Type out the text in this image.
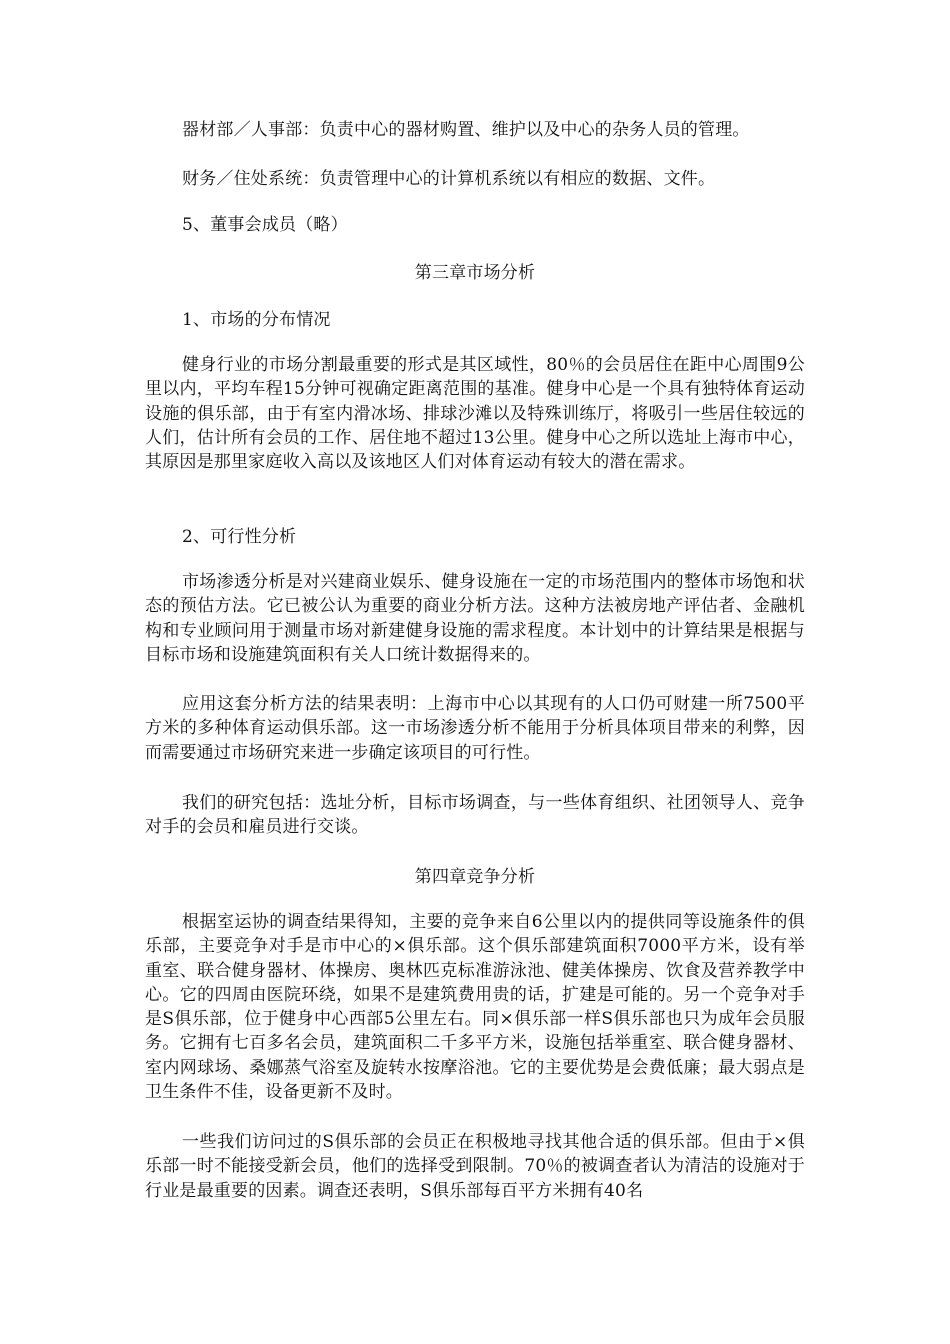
器材部／人事部：负责中心的器材购置、维护以及中心的杂务人员的管理。
财务／住处系统：负责管理中心的计算机系统以有相应的数据、文件。
5、董事会成员（略）
第三章市场分析
1、市场的分布情况
健身行业的市场分割最重要的形式是其区域性，80％的会员居住在距中心周围9公里以内，平均车程15分钟可视确定距离范围的基准。健身中心是一个具有独特体育运动设施的俱乐部，由于有室内滑冰场、排球沙滩以及特殊训练厅，将吸引一些居住较远的人们，估计所有会员的工作、居住地不超过13公里。健身中心之所以选址上海市中心，其原因是那里家庭收入高以及该地区人们对体育运动有较大的潜在需求。
2、可行性分析
市场渗透分析是对兴建商业娱乐、健身设施在一定的市场范围内的整体市场饱和状态的预估方法。它已被公认为重要的商业分析方法。这种方法被房地产评估者、金融机构和专业顾问用于测量市场对新建健身设施的需求程度。本计划中的计算结果是根据与目标市场和设施建筑面积有关人口统计数据得来的。
应用这套分析方法的结果表明：上海市中心以其现有的人口仍可财建一所7500平方米的多种体育运动俱乐部。这一市场渗透分析不能用于分析具体项目带来的利弊，因而需要通过市场研究来进一步确定该项目的可行性。
我们的研究包括：选址分析，目标市场调查，与一些体育组织、社团领导人、竞争对手的会员和雇员进行交谈。
第四章竞争分析
根据室运协的调查结果得知，主要的竞争来自6公里以内的提供同等设施条件的俱乐部，主要竞争对手是市中心的×俱乐部。这个俱乐部建筑面积7000平方米，设有举重室、联合健身器材、体操房、奥林匹克标准游泳池、健美体操房、饮食及营养教学中心。它的四周由医院环绕，如果不是建筑费用贵的话，扩建是可能的。另一个竞争对手是S俱乐部，位于健身中心西部5公里左右。同×俱乐部一样S俱乐部也只为成年会员服务。它拥有七百多名会员，建筑面积二千多平方米，设施包括举重室、联合健身器材、室内网球场、桑娜蒸气浴室及旋转水按摩浴池。它的主要优势是会费低廉；最大弱点是卫生条件不佳，设备更新不及时。
一些我们访问过的S俱乐部的会员正在积极地寻找其他合适的俱乐部。但由于×俱乐部一时不能接受新会员，他们的选择受到限制。70％的被调查者认为清洁的设施对于行业是最重要的因素。调查还表明，S俱乐部每百平方米拥有40名
